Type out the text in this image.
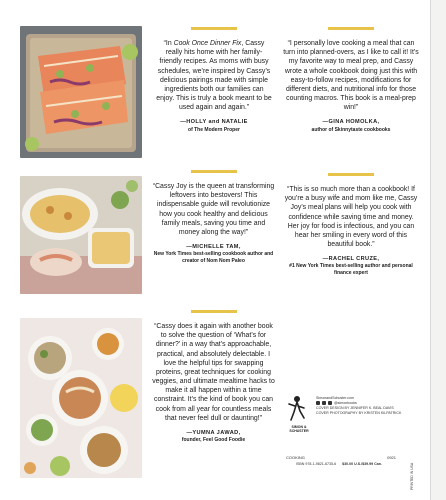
“In Cook Once Dinner Fix, Cassy really hits home with her family-friendly recipes. As moms with busy schedules, we’re inspired by Cassy’s delicious pairings made with simple ingredients both our families can enjoy. This is truly a book meant to be used again and again.”

—HOLLY and NATALIE
of The Modern Proper

“I personally love cooking a meal that can turn into planned-overs, as I like to call it! It’s my favorite way to meal prep, and Cassy wrote a whole cookbook doing just this with easy-to-follow recipes, modifications for different diets, and nutritional info for those counting macros. This book is a meal-prep win!”

—GINA HOMOLKA,
author of Skinnytaste cookbooks

“Cassy Joy is the queen at transforming leftovers into bestovers! This indispensable guide will revolutionize how you cook healthy and delicious family meals, saving you time and money along the way!”

—MICHELLE TAM,
New York Times best-selling cookbook author and creator of Nom Nom Paleo

“This is so much more than a cookbook! If you’re a busy wife and mom like me, Cassy Joy’s meal plans will help you cook with confidence while saving time and money. Her joy for food is infectious, and you can hear her smiling in every word of this beautiful book.”

—RACHEL CRUZE,
#1 New York Times best-selling author and personal finance expert

“Cassy does it again with another book to solve the question of ‘What’s for dinner?’ in a way that’s approachable, practical, and absolutely delectable. I love the helpful tips for swapping proteins, great techniques for cooking veggies, and ultimate mealtime hacks to make it all happen within a time constraint. It’s the kind of book you can cook from all year for countless meals that never feel dull or daunting!”

—YUMNA JAWAD,
founder, Feel Good Foodie
SIMON & SCHUSTER
SimonandSchuster.com
@simonbooks
COVER DESIGN BY JENNIFER K. BEAL DAVIS
COVER PHOTOGRAPHY BY KRISTEN KILPATRICK
COOKING	0921
ISBN 978-1-9821-6735-6 $30.00 U.S./$39.99 Can.	PRINTED IN USA
